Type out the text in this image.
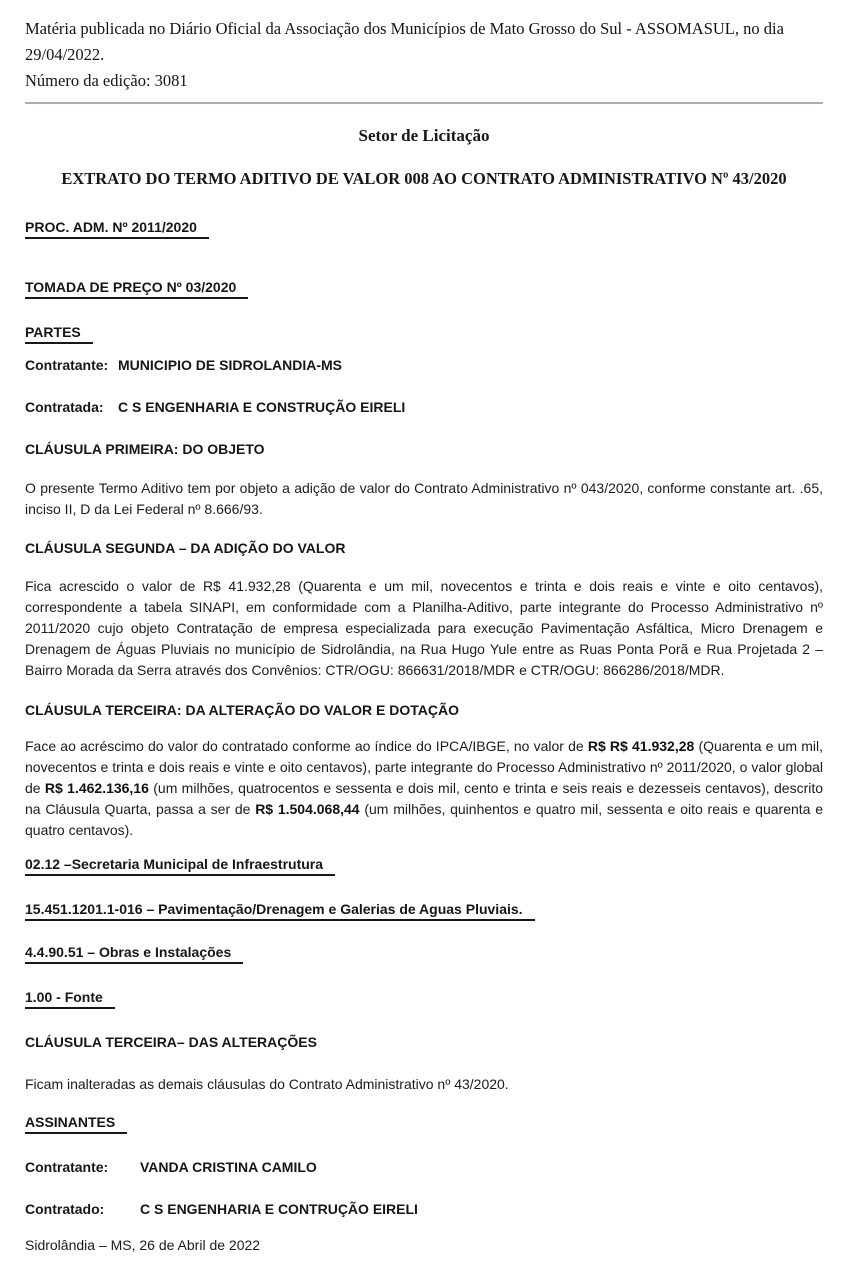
Matéria publicada no Diário Oficial da Associação dos Municípios de Mato Grosso do Sul - ASSOMASUL, no dia 29/04/2022.
Número da edição: 3081
Setor de Licitação
EXTRATO DO TERMO ADITIVO DE VALOR 008 AO CONTRATO ADMINISTRATIVO Nº 43/2020
PROC. ADM. Nº 2011/2020
TOMADA DE PREÇO Nº 03/2020
PARTES
Contratante: MUNICIPIO DE SIDROLANDIA-MS
Contratada:	C S ENGENHARIA E CONSTRUÇÃO EIRELI
CLÁUSULA PRIMEIRA: DO OBJETO
O presente Termo Aditivo tem por objeto a adição de valor do Contrato Administrativo nº 043/2020, conforme constante art. .65, inciso II, D da Lei Federal nº 8.666/93.
CLÁUSULA SEGUNDA – DA ADIÇÃO DO VALOR
Fica acrescido o valor de R$ 41.932,28 (Quarenta e um mil, novecentos e trinta e dois reais e vinte e oito centavos), correspondente a tabela SINAPI, em conformidade com a Planilha-Aditivo, parte integrante do Processo Administrativo nº 2011/2020 cujo objeto Contratação de empresa especializada para execução Pavimentação Asfáltica, Micro Drenagem e Drenagem de Águas Pluviais no município de Sidrolândia, na Rua Hugo Yule entre as Ruas Ponta Porã e Rua Projetada 2 – Bairro Morada da Serra através dos Convênios: CTR/OGU: 866631/2018/MDR e CTR/OGU: 866286/2018/MDR.
CLÁUSULA TERCEIRA: DA ALTERAÇÃO DO VALOR E DOTAÇÃO
Face ao acréscimo do valor do contratado conforme ao índice do IPCA/IBGE, no valor de R$ R$ 41.932,28 (Quarenta e um mil, novecentos e trinta e dois reais e vinte e oito centavos), parte integrante do Processo Administrativo nº 2011/2020, o valor global de R$ 1.462.136,16 (um milhões, quatrocentos e sessenta e dois mil, cento e trinta e seis reais e dezesseis centavos), descrito na Cláusula Quarta, passa a ser de R$ 1.504.068,44 (um milhões, quinhentos e quatro mil, sessenta e oito reais e quarenta e quatro centavos).
02.12 –Secretaria Municipal de Infraestrutura
15.451.1201.1-016 – Pavimentação/Drenagem e Galerias de Aguas Pluviais.
4.4.90.51 – Obras e Instalações
1.00 - Fonte
CLÁUSULA TERCEIRA– DAS ALTERAÇÕES
Ficam inalteradas as demais cláusulas do Contrato Administrativo nº 43/2020.
ASSINANTES
Contratante:	VANDA CRISTINA CAMILO
Contratado:	C S ENGENHARIA E CONTRUÇÃO EIRELI
Sidrolândia – MS, 26 de Abril de 2022
